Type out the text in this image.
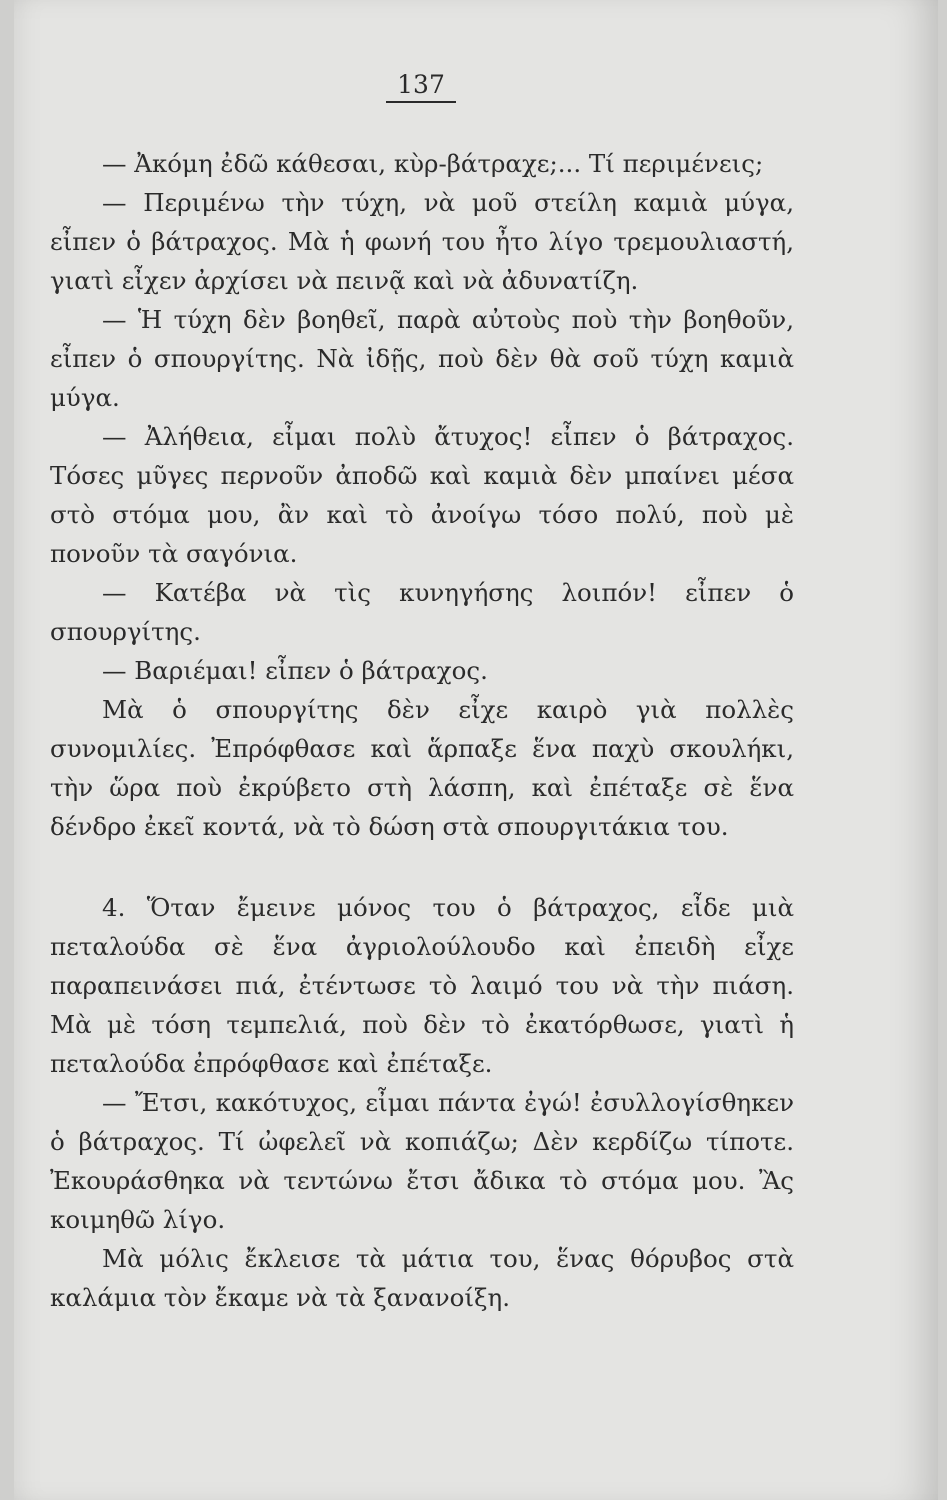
137

— Ἀκόμη ἐδῶ κάθεσαι, κὺρ-βάτραχε;... Τί περιμένεις;

— Περιμένω τὴν τύχη, νὰ μοῦ στείλη καμιὰ μύγα, εἶπεν ὁ βάτραχος. Μὰ ἡ φωνή του ἦτο λίγο τρεμουλιαστή, γιατὶ εἶχεν ἀρχίσει νὰ πεινᾷ καὶ νὰ ἀδυνατίζη.

— Ἡ τύχη δὲν βοηθεῖ, παρὰ αὐτοὺς ποὺ τὴν βοηθοῦν, εἶπεν ὁ σπουργίτης. Νὰ ἰδῇς, ποὺ δὲν θὰ σοῦ τύχη καμιὰ μύγα.

— Ἀλήθεια, εἶμαι πολὺ ἄτυχος! εἶπεν ὁ βάτραχος. Τόσες μῦγες περνοῦν ἀποδῶ καὶ καμιὰ δὲν μπαίνει μέσα στὸ στόμα μου, ἂν καὶ τὸ ἀνοίγω τόσο πολύ, ποὺ μὲ πονοῦν τὰ σαγόνια.

— Κατέβα νὰ τὶς κυνηγήσης λοιπόν! εἶπεν ὁ σπουργίτης.

— Βαριέμαι! εἶπεν ὁ βάτραχος.

Μὰ ὁ σπουργίτης δὲν εἶχε καιρὸ γιὰ πολλὲς συνομιλίες. Ἐπρόφθασε καὶ ἅρπαξε ἕνα παχὺ σκουλήκι, τὴν ὥρα ποὺ ἐκρύβετο στὴ λάσπη, καὶ ἐπέταξε σὲ ἕνα δένδρο ἐκεῖ κοντά, νὰ τὸ δώση στὰ σπουργιτάκια του.

4. Ὅταν ἔμεινε μόνος του ὁ βάτραχος, εἶδε μιὰ πεταλούδα σὲ ἕνα ἀγριολούλουδο καὶ ἐπειδὴ εἶχε παραπεινάσει πιά, ἐτέντωσε τὸ λαιμό του νὰ τὴν πιάση. Μὰ μὲ τόση τεμπελιά, ποὺ δὲν τὸ ἐκατόρθωσε, γιατὶ ἡ πεταλούδα ἐπρόφθασε καὶ ἐπέταξε.

— Ἔτσι, κακότυχος, εἶμαι πάντα ἐγώ! ἐσυλλογίσθηκεν ὁ βάτραχος. Τί ὠφελεῖ νὰ κοπιάζω; Δὲν κερδίζω τίποτε. Ἐκουράσθηκα νὰ τεντώνω ἔτσι ἄδικα τὸ στόμα μου. Ἂς κοιμηθῶ λίγο.

Μὰ μόλις ἔκλεισε τὰ μάτια του, ἕνας θόρυβος στὰ καλάμια τὸν ἔκαμε νὰ τὰ ξανανοίξη.
